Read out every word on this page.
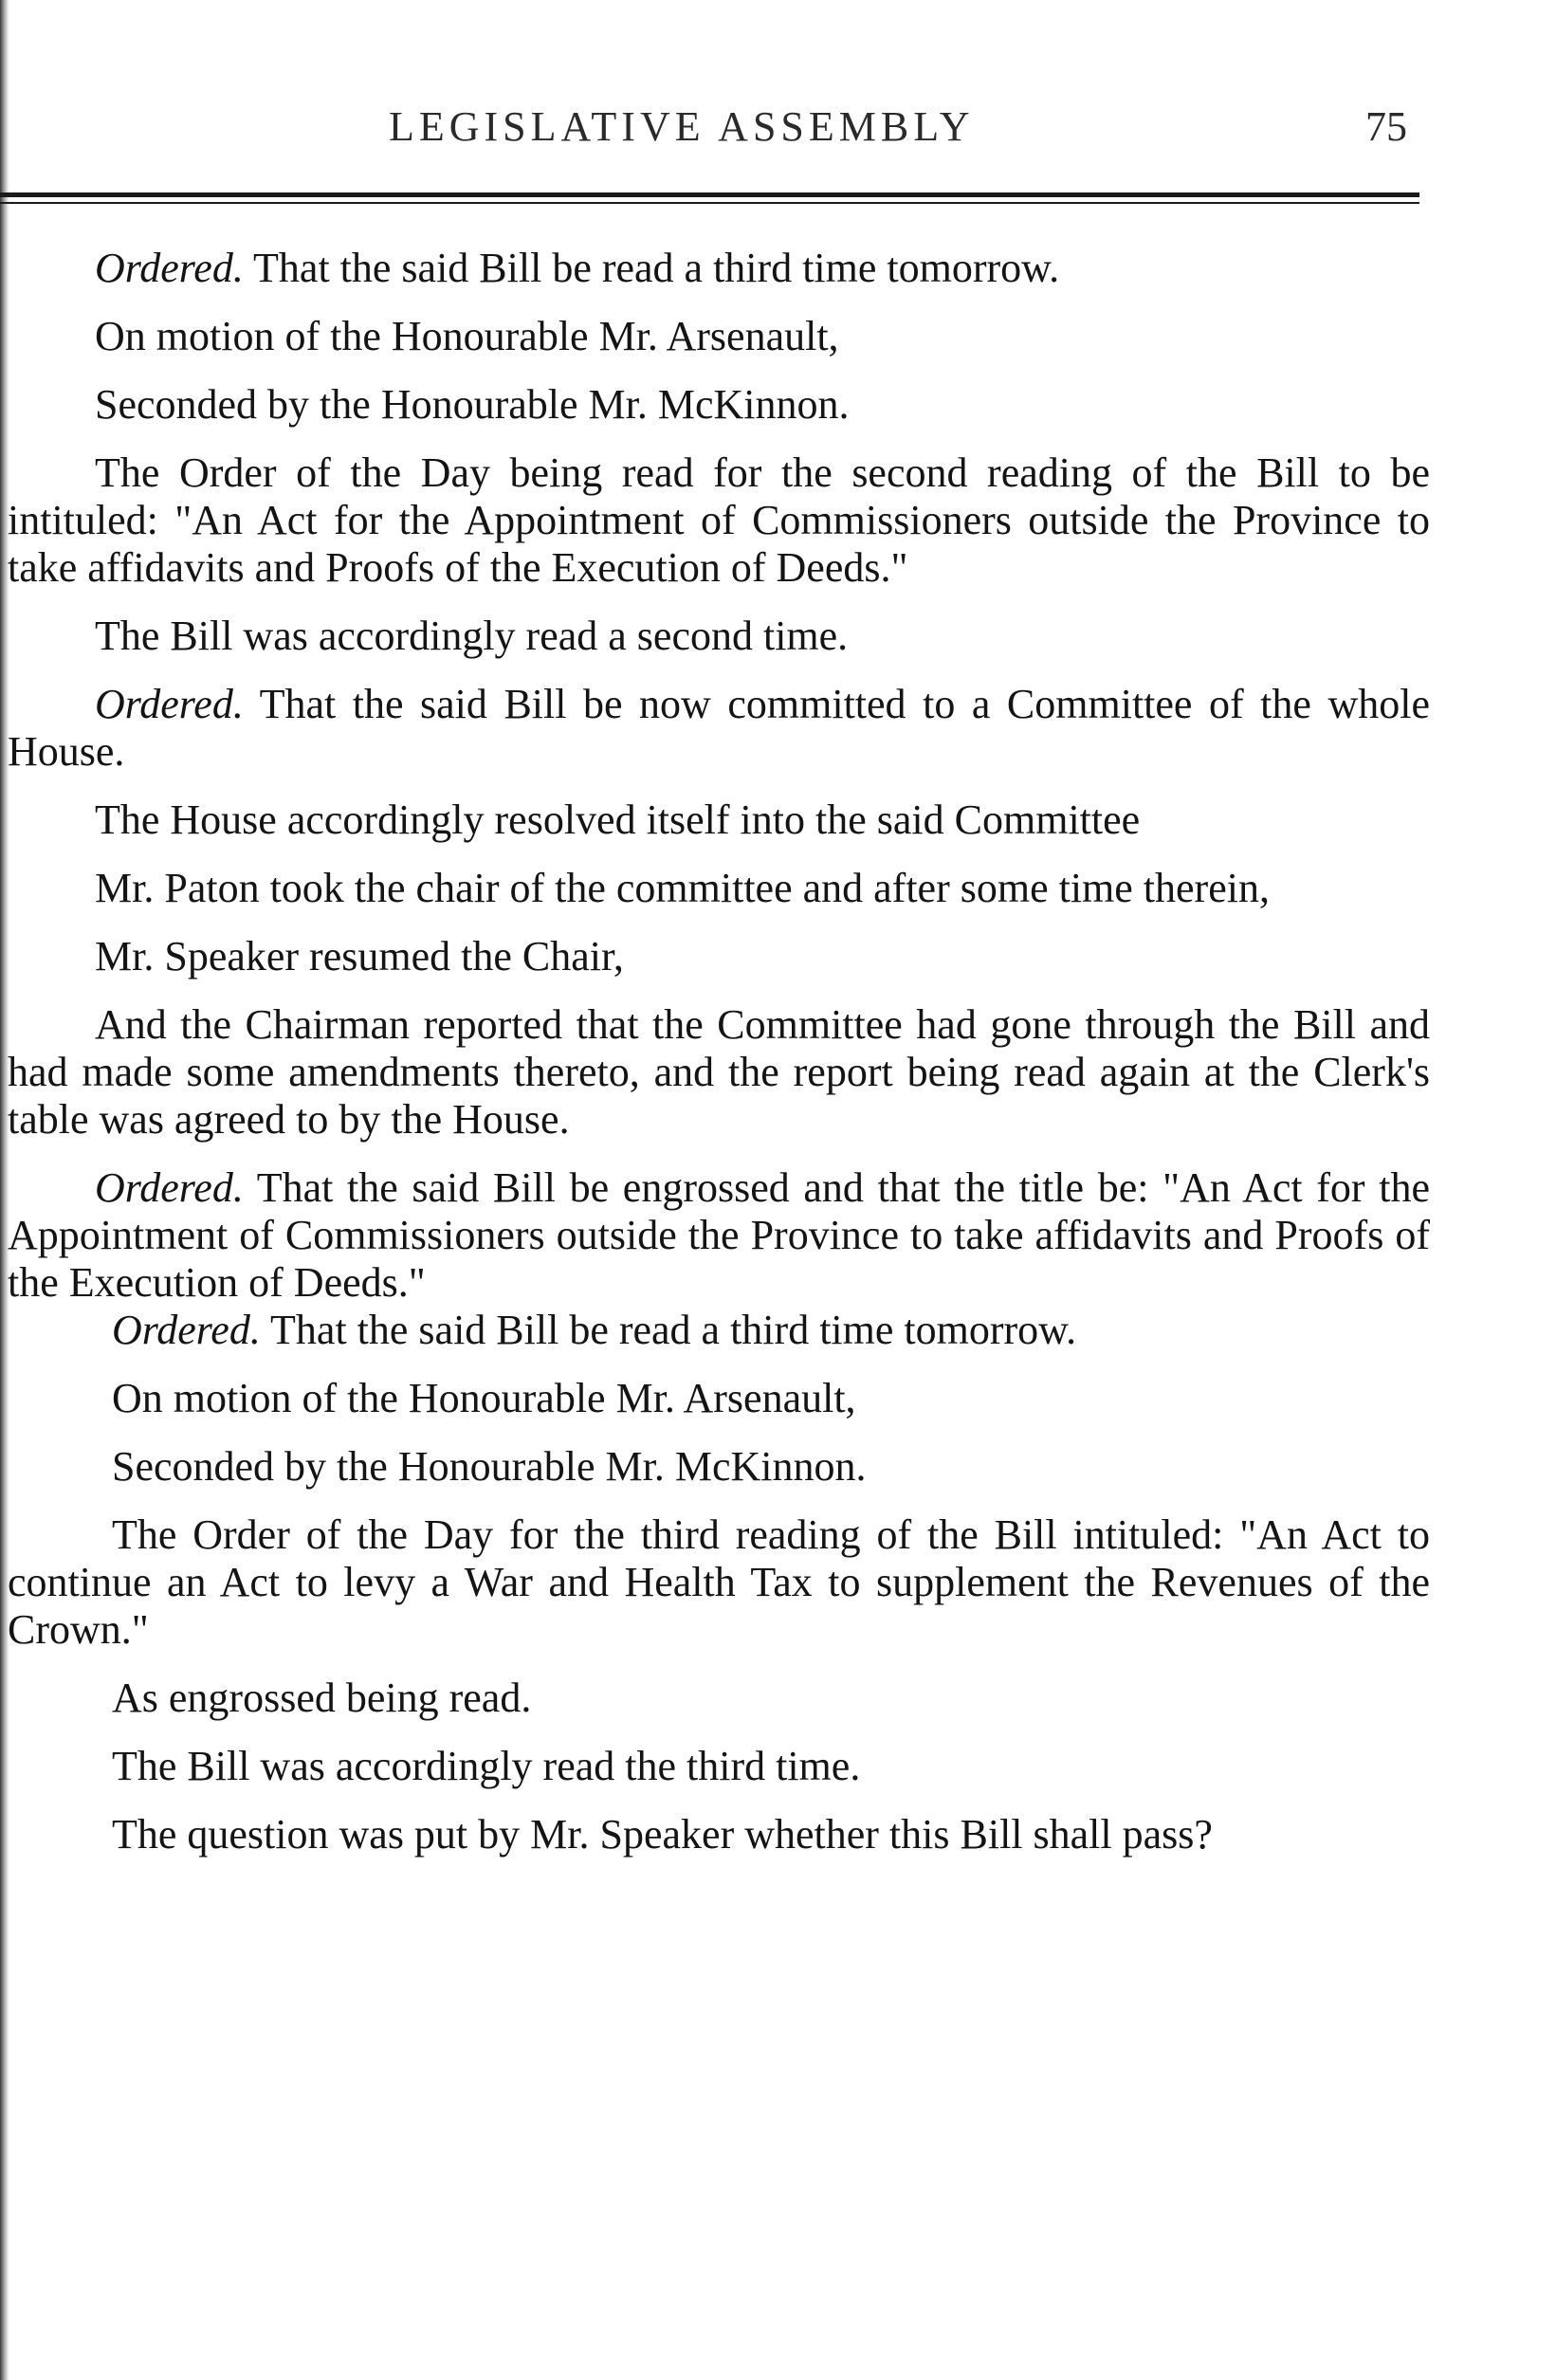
LEGISLATIVE ASSEMBLY	75

Ordered. That the said Bill be read a third time tomorrow.

On motion of the Honourable Mr. Arsenault,

Seconded by the Honourable Mr. McKinnon.

The Order of the Day being read for the second reading of the Bill to be intituled: "An Act for the Appointment of Commissioners outside the Province to take affidavits and Proofs of the Execution of Deeds."

The Bill was accordingly read a second time.

Ordered. That the said Bill be now committed to a Committee of the whole House.

The House accordingly resolved itself into the said Committee

Mr. Paton took the chair of the committee and after some time therein,

Mr. Speaker resumed the Chair,

And the Chairman reported that the Committee had gone through the Bill and had made some amendments thereto, and the report being read again at the Clerk's table was agreed to by the House.

Ordered. That the said Bill be engrossed and that the title be: "An Act for the Appointment of Commissioners outside the Province to take affidavits and Proofs of the Execution of Deeds."

Ordered. That the said Bill be read a third time tomorrow.

On motion of the Honourable Mr. Arsenault,

Seconded by the Honourable Mr. McKinnon.

The Order of the Day for the third reading of the Bill intituled: "An Act to continue an Act to levy a War and Health Tax to supplement the Revenues of the Crown."

As engrossed being read.

The Bill was accordingly read the third time.

The question was put by Mr. Speaker whether this Bill shall pass?
